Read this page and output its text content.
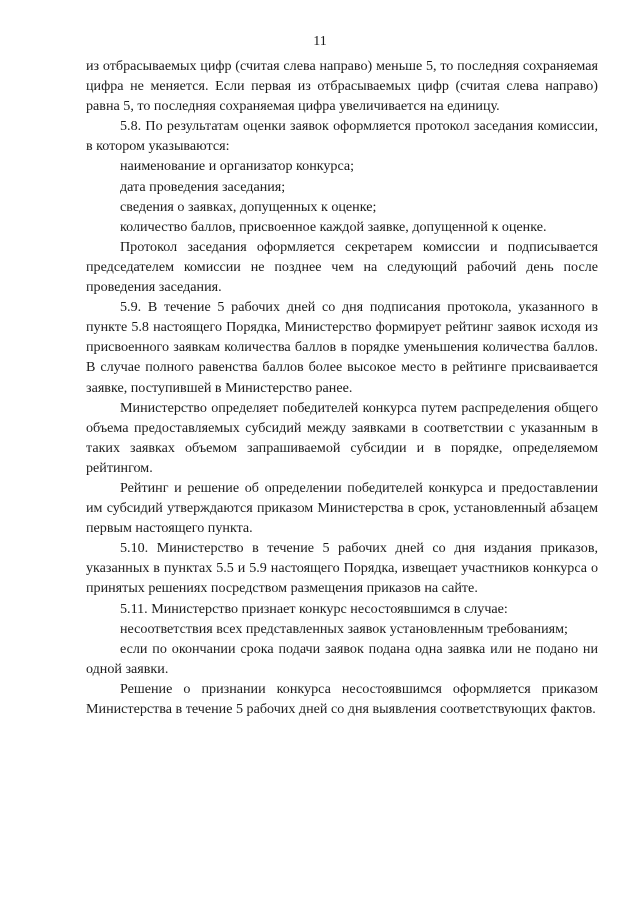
11

из отбрасываемых цифр (считая слева направо) меньше 5, то последняя сохраняемая цифра не меняется. Если первая из отбрасываемых цифр (считая слева направо) равна 5, то последняя сохраняемая цифра увеличивается на единицу.

5.8. По результатам оценки заявок оформляется протокол заседания комиссии, в котором указываются:

наименование и организатор конкурса;

дата проведения заседания;

сведения о заявках, допущенных к оценке;

количество баллов, присвоенное каждой заявке, допущенной к оценке.

Протокол заседания оформляется секретарем комиссии и подписывается председателем комиссии не позднее чем на следующий рабочий день после проведения заседания.

5.9. В течение 5 рабочих дней со дня подписания протокола, указанного в пункте 5.8 настоящего Порядка, Министерство формирует рейтинг заявок исходя из присвоенного заявкам количества баллов в порядке уменьшения количества баллов. В случае полного равенства баллов более высокое место в рейтинге присваивается заявке, поступившей в Министерство ранее.

Министерство определяет победителей конкурса путем распределения общего объема предоставляемых субсидий между заявками в соответствии с указанным в таких заявках объемом запрашиваемой субсидии и в порядке, определяемом рейтингом.

Рейтинг и решение об определении победителей конкурса и предоставлении им субсидий утверждаются приказом Министерства в срок, установленный абзацем первым настоящего пункта.

5.10. Министерство в течение 5 рабочих дней со дня издания приказов, указанных в пунктах 5.5 и 5.9 настоящего Порядка, извещает участников конкурса о принятых решениях посредством размещения приказов на сайте.

5.11. Министерство признает конкурс несостоявшимся в случае:

несоответствия всех представленных заявок установленным требованиям;

если по окончании срока подачи заявок подана одна заявка или не подано ни одной заявки.

Решение о признании конкурса несостоявшимся оформляется приказом Министерства в течение 5 рабочих дней со дня выявления соответствующих фактов.
